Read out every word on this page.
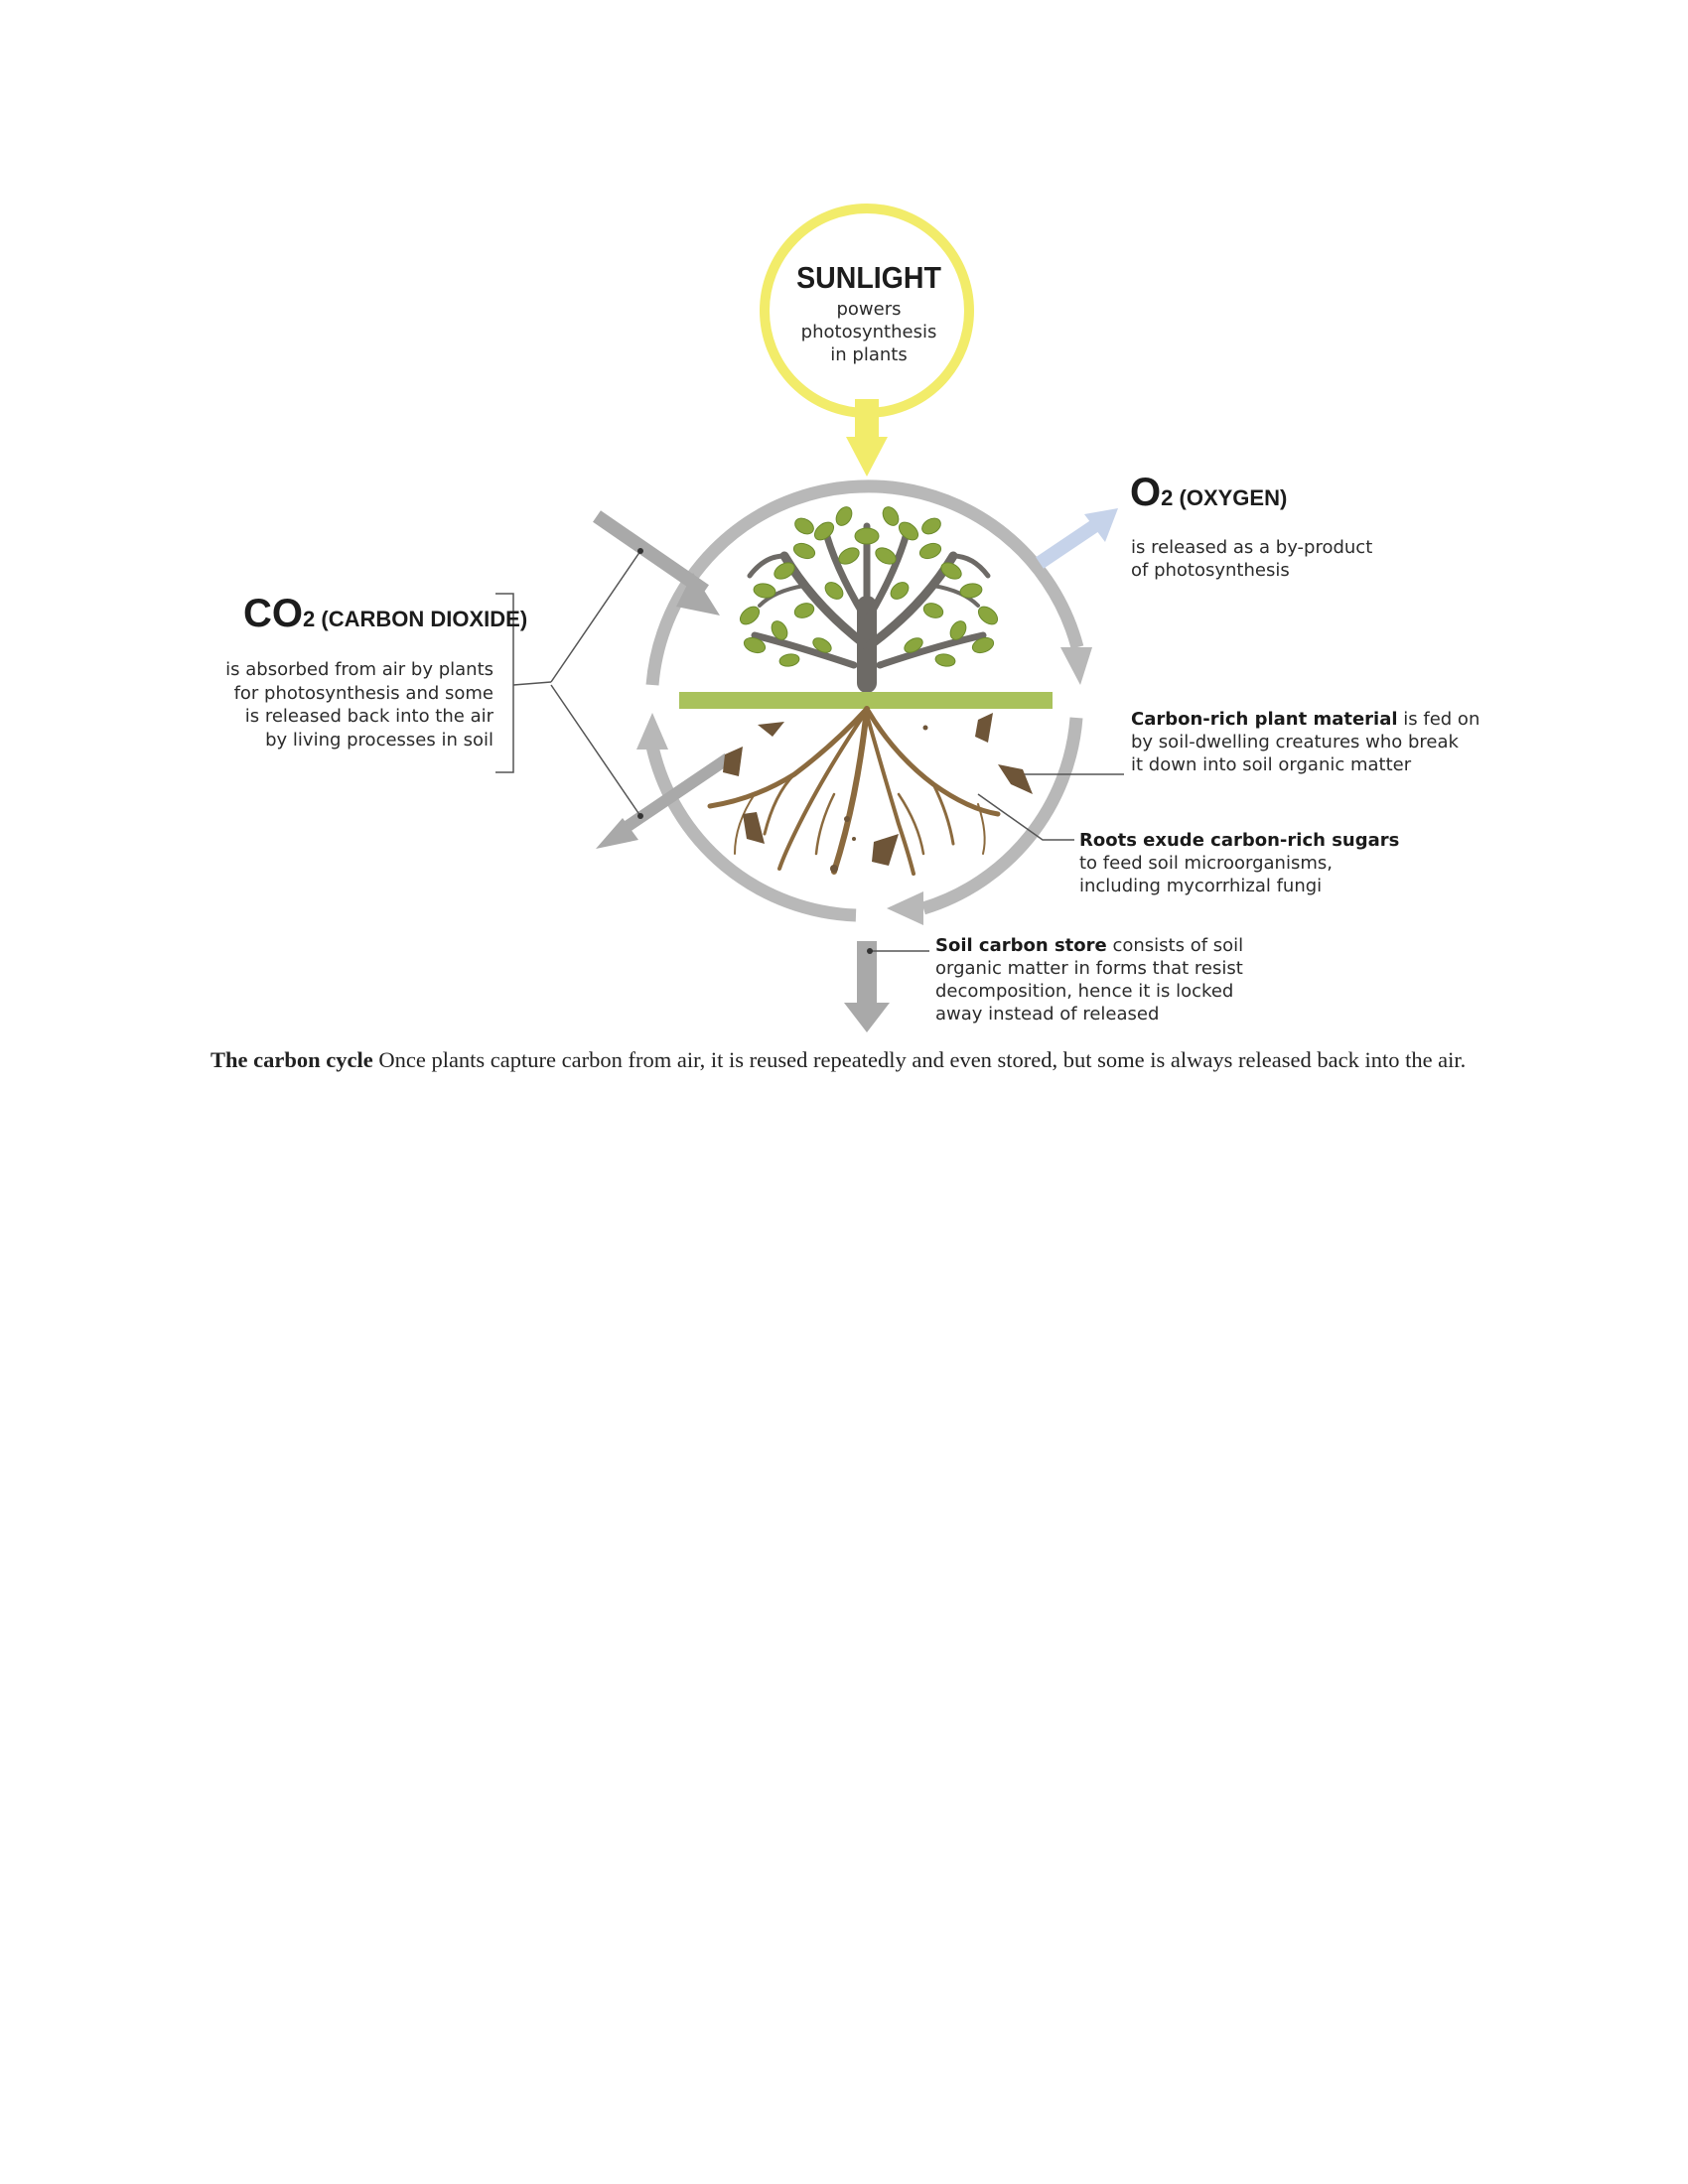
SUNLIGHT
powers
photosynthesis
in plants
O2 (OXYGEN)
is released as a by-product
of photosynthesis
CO2 (CARBON DIOXIDE)
is absorbed from air by plants
for photosynthesis and some
is released back into the air
by living processes in soil
Carbon-rich plant material is fed on
by soil-dwelling creatures who break
it down into soil organic matter
Roots exude carbon-rich sugars
to feed soil microorganisms,
including mycorrhizal fungi
Soil carbon store consists of soil
organic matter in forms that resist
decomposition, hence it is locked
away instead of released
The carbon cycle Once plants capture carbon from air, it is reused repeatedly and even stored, but some is always released back into the air.
